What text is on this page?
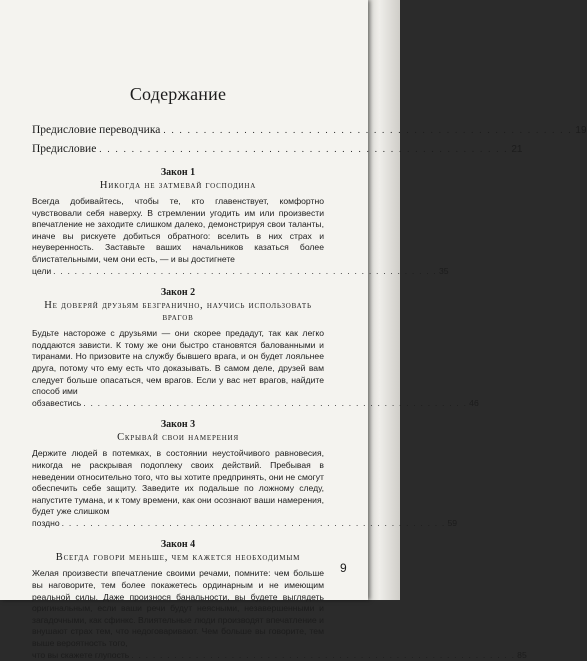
Содержание
Предисловие переводчика . . .	19
Предисловие . . .	21
Закон 1
Никогда не затмевай господина
Всегда добивайтесь, чтобы те, кто главенствует, комфортно чувствовали себя наверху. В стремлении угодить им или произвести впечатление не заходите слишком далеко, демонстрируя свои таланты, иначе вы рискуете добиться обратного: вселить в них страх и неуверенность. Заставьте ваших начальников казаться более блистательными, чем они есть, — и вы достигнете
цели . . .	35
Закон 2
Не доверяй друзьям безгранично, научись использовать врагов
Будьте настороже с друзьями — они скорее предадут, так как легко поддаются зависти. К тому же они быстро становятся балованными и тиранами. Но призовите на службу бывшего врага, и он будет лояльнее друга, потому что ему есть что доказывать. В самом деле, друзей вам следует больше опасаться, чем врагов. Если у вас нет врагов, найдите способ ими
обзавестись . . .	46
Закон 3
Скрывай свои намерения
Держите людей в потемках, в состоянии неустойчивого равновесия, никогда не раскрывая подоплеку своих действий. Пребывая в неведении относительно того, что вы хотите предпринять, они не смогут обеспечить себе защиту. Заведите их подальше по ложному следу, напустите тумана, и к тому времени, как они осознают ваши намерения, будет уже слишком
поздно . . .	59
Закон 4
Всегда говори меньше, чем кажется необходимым
Желая произвести впечатление своими речами, помните: чем больше вы наговорите, тем более покажетесь ординарным и не имеющим реальной силы. Даже произнося банальности, вы будете выглядеть оригинальным, если ваши речи будут неясными, незавершенными и загадочными, как сфинкс. Влиятельные люди производят впечатление и внушают страх тем, что недоговаривают. Чем больше вы говорите, тем выше вероятность того,
что вы скажете глупость . . .	85
9
